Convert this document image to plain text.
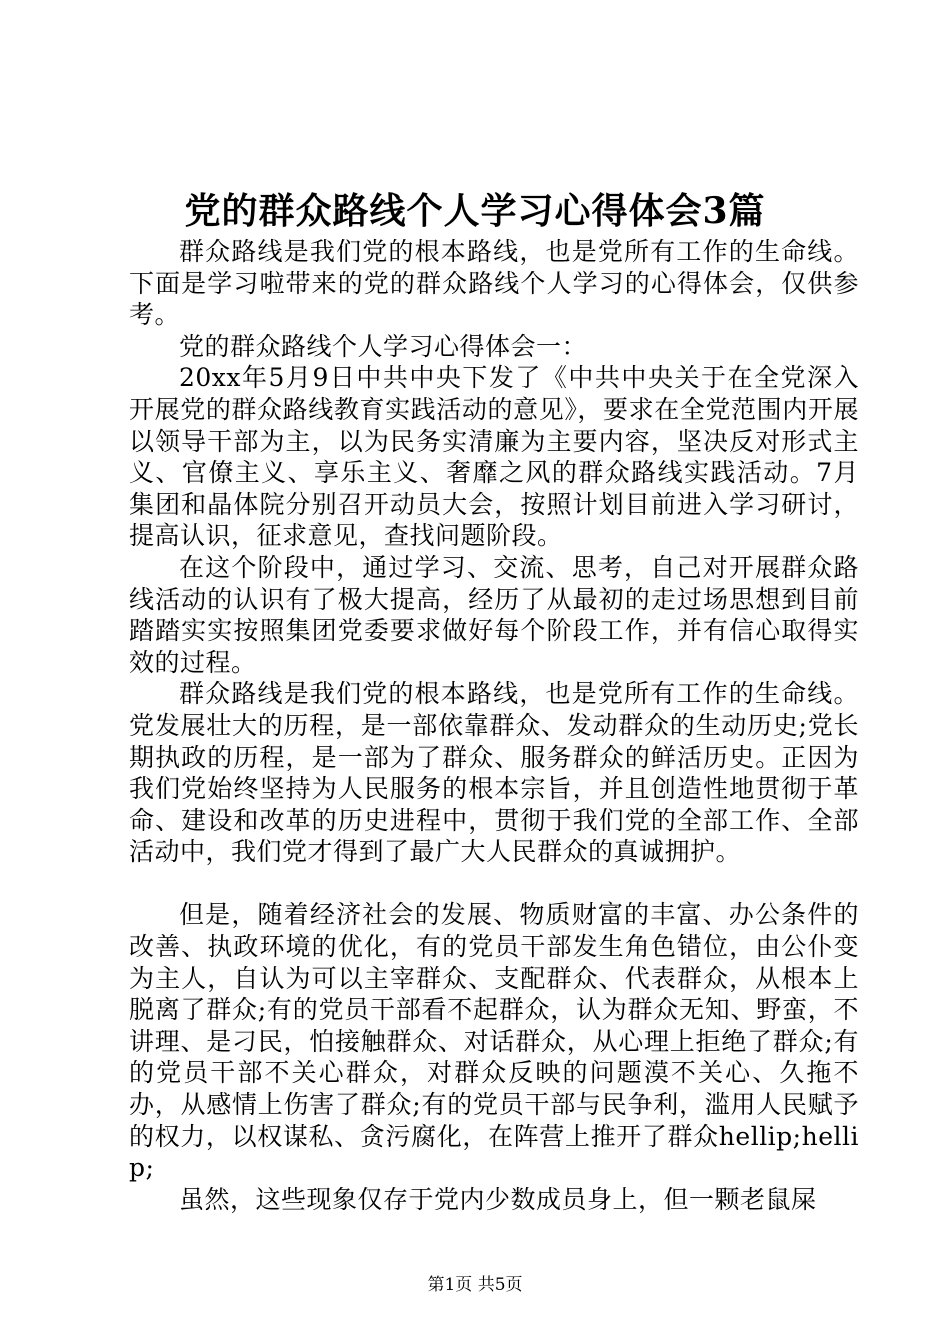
党的群众路线个人学习心得体会3篇

群众路线是我们党的根本路线，也是党所有工作的生命线。下面是学习啦带来的党的群众路线个人学习的心得体会，仅供参考。

党的群众路线个人学习心得体会一：

20xx年5月9日中共中央下发了《中共中央关于在全党深入开展党的群众路线教育实践活动的意见》，要求在全党范围内开展以领导干部为主，以为民务实清廉为主要内容，坚决反对形式主义、官僚主义、享乐主义、奢靡之风的群众路线实践活动。7月集团和晶体院分别召开动员大会，按照计划目前进入学习研讨，提高认识，征求意见，查找问题阶段。

在这个阶段中，通过学习、交流、思考，自己对开展群众路线活动的认识有了极大提高，经历了从最初的走过场思想到目前踏踏实实按照集团党委要求做好每个阶段工作，并有信心取得实效的过程。

群众路线是我们党的根本路线，也是党所有工作的生命线。党发展壮大的历程，是一部依靠群众、发动群众的生动历史;党长期执政的历程，是一部为了群众、服务群众的鲜活历史。正因为我们党始终坚持为人民服务的根本宗旨，并且创造性地贯彻于革命、建设和改革的历史进程中，贯彻于我们党的全部工作、全部活动中，我们党才得到了最广大人民群众的真诚拥护。

但是，随着经济社会的发展、物质财富的丰富、办公条件的改善、执政环境的优化，有的党员干部发生角色错位，由公仆变为主人，自认为可以主宰群众、支配群众、代表群众，从根本上脱离了群众;有的党员干部看不起群众，认为群众无知、野蛮，不讲理、是刁民，怕接触群众、对话群众，从心理上拒绝了群众;有的党员干部不关心群众，对群众反映的问题漠不关心、久拖不办，从感情上伤害了群众;有的党员干部与民争利，滥用人民赋予的权力，以权谋私、贪污腐化，在阵营上推开了群众hellip;hellip;

虽然，这些现象仅存于党内少数成员身上，但一颗老鼠屎

第1页 共5页
